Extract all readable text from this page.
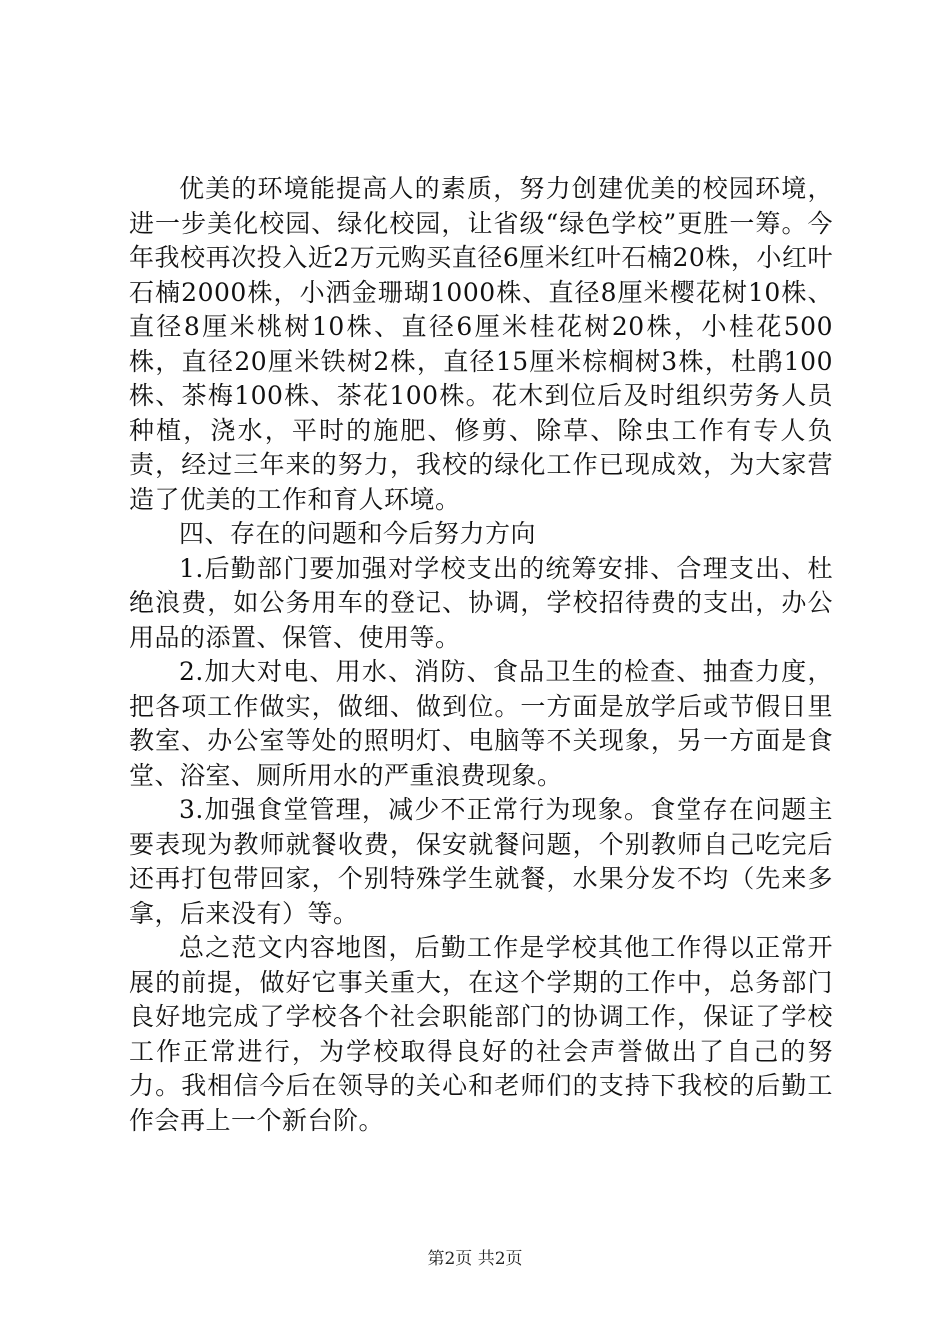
优美的环境能提高人的素质，努力创建优美的校园环境，进一步美化校园、绿化校园，让省级“绿色学校”更胜一筹。今年我校再次投入近2万元购买直径6厘米红叶石楠20株，小红叶石楠2000株，小洒金珊瑚1000株、直径8厘米樱花树10株、直径8厘米桃树10株、直径6厘米桂花树20株，小桂花500株，直径20厘米铁树2株，直径15厘米棕榈树3株，杜鹃100株、茶梅100株、茶花100株。花木到位后及时组织劳务人员种植，浇水，平时的施肥、修剪、除草、除虫工作有专人负责，经过三年来的努力，我校的绿化工作已现成效，为大家营造了优美的工作和育人环境。

四、存在的问题和今后努力方向

1.后勤部门要加强对学校支出的统筹安排、合理支出、杜绝浪费，如公务用车的登记、协调，学校招待费的支出，办公用品的添置、保管、使用等。

2.加大对电、用水、消防、食品卫生的检查、抽查力度，把各项工作做实，做细、做到位。一方面是放学后或节假日里教室、办公室等处的照明灯、电脑等不关现象，另一方面是食堂、浴室、厕所用水的严重浪费现象。

3.加强食堂管理，减少不正常行为现象。食堂存在问题主要表现为教师就餐收费，保安就餐问题，个别教师自己吃完后还再打包带回家，个别特殊学生就餐，水果分发不均（先来多拿，后来没有）等。

总之范文内容地图，后勤工作是学校其他工作得以正常开展的前提，做好它事关重大，在这个学期的工作中，总务部门良好地完成了学校各个社会职能部门的协调工作，保证了学校工作正常进行，为学校取得良好的社会声誉做出了自己的努力。我相信今后在领导的关心和老师们的支持下我校的后勤工作会再上一个新台阶。

第2页 共2页
